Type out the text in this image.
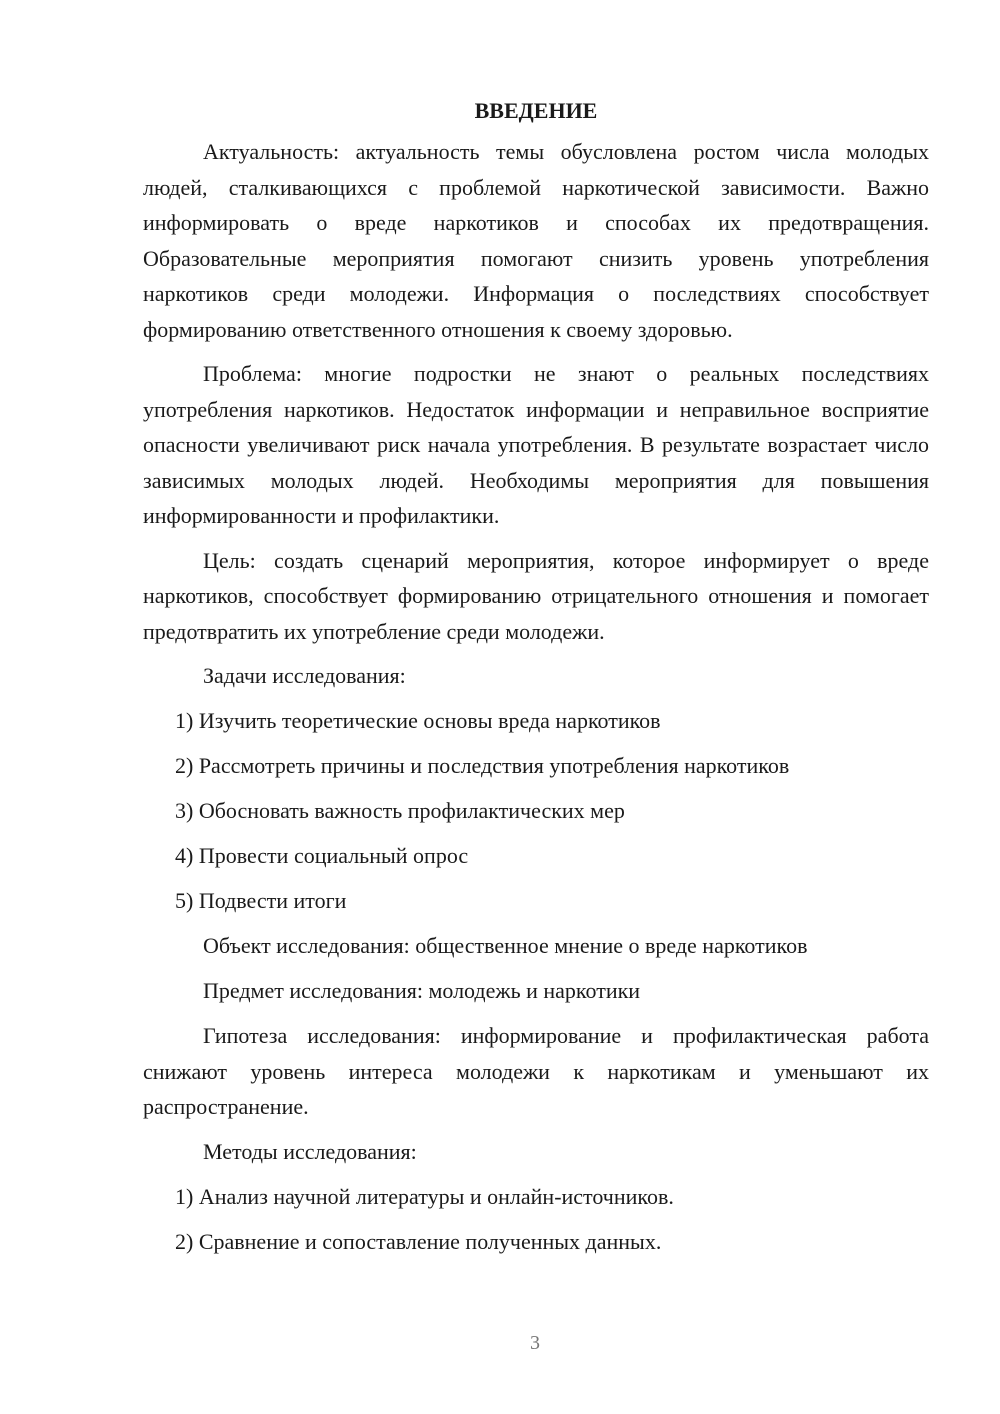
ВВЕДЕНИЕ

Актуальность: актуальность темы обусловлена ростом числа молодых людей, сталкивающихся с проблемой наркотической зависимости. Важно информировать о вреде наркотиков и способах их предотвращения. Образовательные мероприятия помогают снизить уровень употребления наркотиков среди молодежи. Информация о последствиях способствует формированию ответственного отношения к своему здоровью.

Проблема: многие подростки не знают о реальных последствиях употребления наркотиков. Недостаток информации и неправильное восприятие опасности увеличивают риск начала употребления. В результате возрастает число зависимых молодых людей. Необходимы мероприятия для повышения информированности и профилактики.

Цель: создать сценарий мероприятия, которое информирует о вреде наркотиков, способствует формированию отрицательного отношения и помогает предотвратить их употребление среди молодежи.

Задачи исследования:
1) Изучить теоретические основы вреда наркотиков
2) Рассмотреть причины и последствия употребления наркотиков
3) Обосновать важность профилактических мер
4) Провести социальный опрос
5) Подвести итоги
Объект исследования: общественное мнение о вреде наркотиков
Предмет исследования: молодежь и наркотики

Гипотеза исследования: информирование и профилактическая работа снижают уровень интереса молодежи к наркотикам и уменьшают их распространение.

Методы исследования:
1) Анализ научной литературы и онлайн-источников.
2) Сравнение и сопоставление полученных данных.
3
